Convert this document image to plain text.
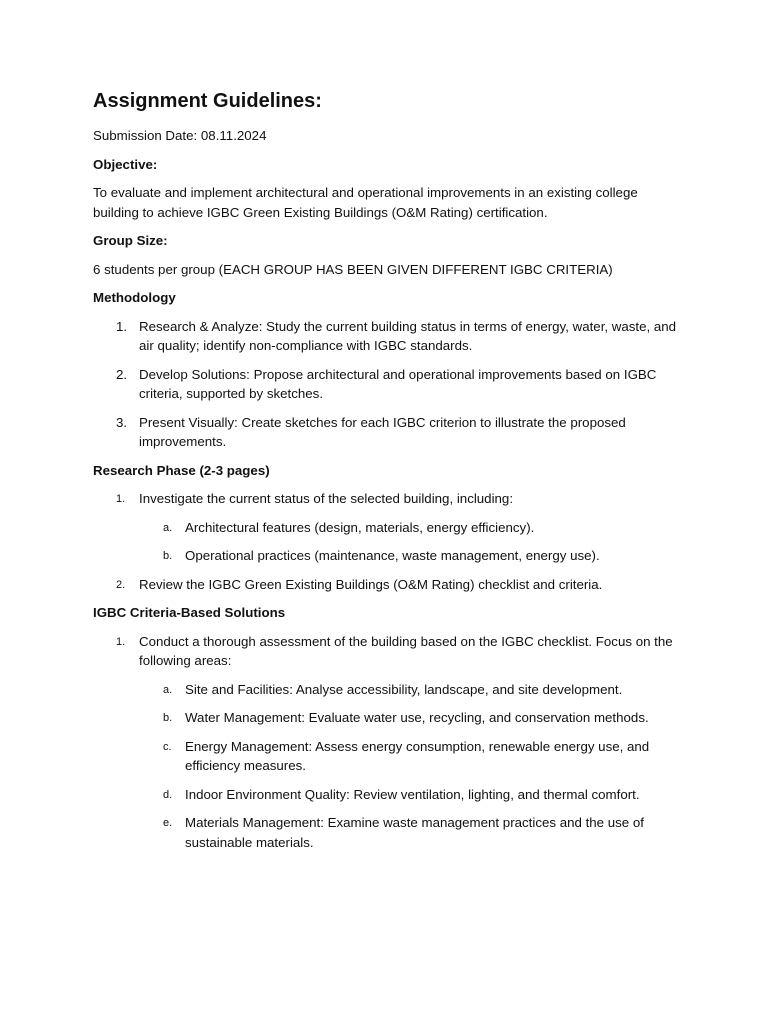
Assignment Guidelines:

Submission Date: 08.11.2024

Objective:

To evaluate and implement architectural and operational improvements in an existing college building to achieve IGBC Green Existing Buildings (O&M Rating) certification.

Group Size:

6 students per group (EACH GROUP HAS BEEN GIVEN DIFFERENT IGBC CRITERIA)

Methodology

1. Research & Analyze: Study the current building status in terms of energy, water, waste, and air quality; identify non-compliance with IGBC standards.
2. Develop Solutions: Propose architectural and operational improvements based on IGBC criteria, supported by sketches.
3. Present Visually: Create sketches for each IGBC criterion to illustrate the proposed improvements.

Research Phase (2-3 pages)

1. Investigate the current status of the selected building, including:
a. Architectural features (design, materials, energy efficiency).
b. Operational practices (maintenance, waste management, energy use).
2. Review the IGBC Green Existing Buildings (O&M Rating) checklist and criteria.

IGBC Criteria-Based Solutions

1. Conduct a thorough assessment of the building based on the IGBC checklist. Focus on the following areas:
a. Site and Facilities: Analyse accessibility, landscape, and site development.
b. Water Management: Evaluate water use, recycling, and conservation methods.
c. Energy Management: Assess energy consumption, renewable energy use, and efficiency measures.
d. Indoor Environment Quality: Review ventilation, lighting, and thermal comfort.
e. Materials Management: Examine waste management practices and the use of sustainable materials.
